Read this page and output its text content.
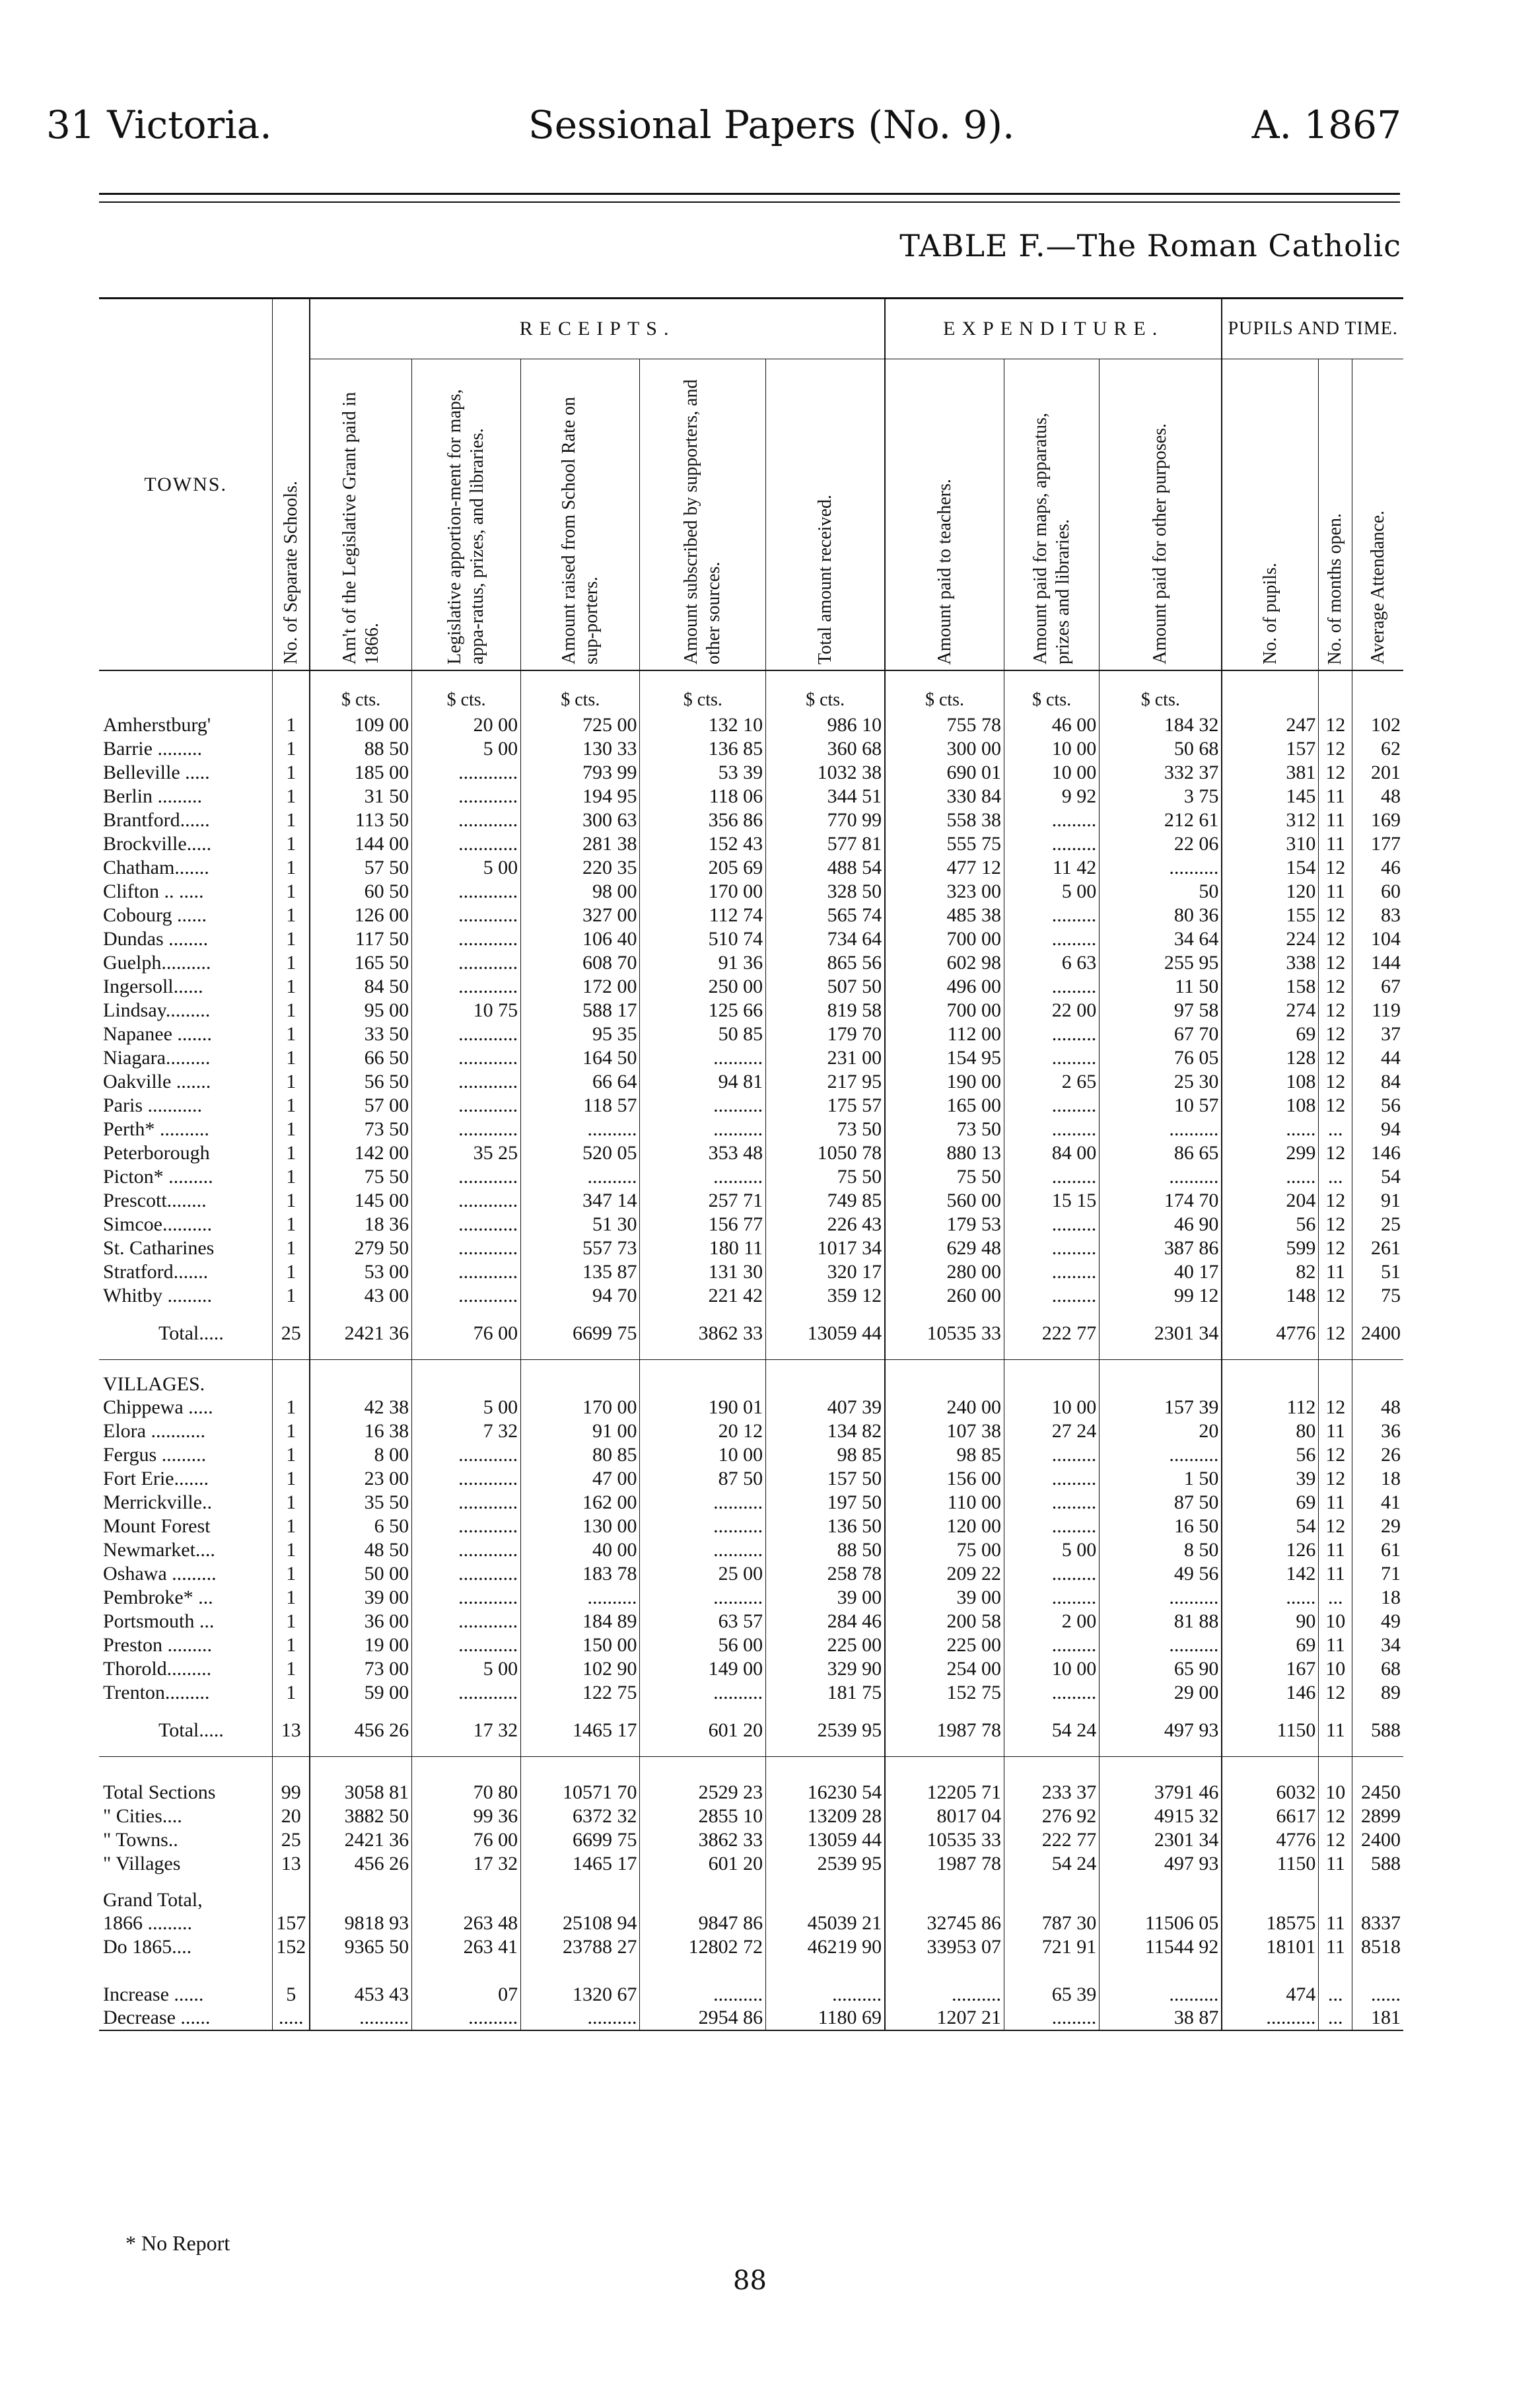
31 Victoria.	Sessional Papers (No. 9).	A. 1867
TABLE F.—The Roman Catholic
TOWNS.	No. of Separate Schools.	RECEIPTS.					EXPENDITURE.			PUPILS AND TIME.		
		Am't of the Legislative Grant paid in 1866.	Legislative apportion-ment for maps, appa-ratus, prizes, and libraries.	Amount raised from School Rate on sup-porters.	Amount subscribed by supporters, and other sources.	Total amount received.	Amount paid to teachers.	Amount paid for maps, apparatus, prizes and libraries.	Amount paid for other purposes.	No. of pupils.	No. of months open.	Average Attendance.
		$ cts.	$ cts.	$ cts.	$ cts.	$ cts.	$ cts.	$ cts.	$ cts.			
Amherstburg'	1	109 00	20 00	725 00	132 10	986 10	755 78	46 00	184 32	247	12	102
Barrie .........	1	88 50	5 00	130 33	136 85	360 68	300 00	10 00	50 68	157	12	62
Belleville .....	1	185 00	............	793 99	53 39	1032 38	690 01	10 00	332 37	381	12	201
Berlin .........	1	31 50	............	194 95	118 06	344 51	330 84	9 92	3 75	145	11	48
Brantford......	1	113 50	............	300 63	356 86	770 99	558 38	.........	212 61	312	11	169
Brockville.....	1	144 00	............	281 38	152 43	577 81	555 75	.........	22 06	310	11	177
Chatham.......	1	57 50	5 00	220 35	205 69	488 54	477 12	11 42	..........	154	12	46
Clifton .. .....	1	60 50	............	98 00	170 00	328 50	323 00	5 00	50	120	11	60
Cobourg ......	1	126 00	............	327 00	112 74	565 74	485 38	.........	80 36	155	12	83
Dundas ........	1	117 50	............	106 40	510 74	734 64	700 00	.........	34 64	224	12	104
Guelph..........	1	165 50	............	608 70	91 36	865 56	602 98	6 63	255 95	338	12	144
Ingersoll......	1	84 50	............	172 00	250 00	507 50	496 00	.........	11 50	158	12	67
Lindsay.........	1	95 00	10 75	588 17	125 66	819 58	700 00	22 00	97 58	274	12	119
Napanee .......	1	33 50	............	95 35	50 85	179 70	112 00	.........	67 70	69	12	37
Niagara.........	1	66 50	............	164 50	..........	231 00	154 95	.........	76 05	128	12	44
Oakville .......	1	56 50	............	66 64	94 81	217 95	190 00	2 65	25 30	108	12	84
Paris ...........	1	57 00	............	118 57	..........	175 57	165 00	.........	10 57	108	12	56
Perth* ..........	1	73 50	............	..........	..........	73 50	73 50	.........	..........	......	...	94
Peterborough	1	142 00	35 25	520 05	353 48	1050 78	880 13	84 00	86 65	299	12	146
Picton* .........	1	75 50	............	..........	..........	75 50	75 50	.........	..........	......	...	54
Prescott........	1	145 00	............	347 14	257 71	749 85	560 00	15 15	174 70	204	12	91
Simcoe..........	1	18 36	............	51 30	156 77	226 43	179 53	.........	46 90	56	12	25
St. Catharines	1	279 50	............	557 73	180 11	1017 34	629 48	.........	387 86	599	12	261
Stratford.......	1	53 00	............	135 87	131 30	320 17	280 00	.........	40 17	82	11	51
Whitby .........	1	43 00	............	94 70	221 42	359 12	260 00	.........	99 12	148	12	75
Total.....	25	2421 36	76 00	6699 75	3862 33	13059 44	10535 33	222 77	2301 34	4776	12	2400
VILLAGES.												
Chippewa .....	1	42 38	5 00	170 00	190 01	407 39	240 00	10 00	157 39	112	12	48
Elora ...........	1	16 38	7 32	91 00	20 12	134 82	107 38	27 24	20	80	11	36
Fergus .........	1	8 00	............	80 85	10 00	98 85	98 85	.........	..........	56	12	26
Fort Erie.......	1	23 00	............	47 00	87 50	157 50	156 00	.........	1 50	39	12	18
Merrickville..	1	35 50	............	162 00	..........	197 50	110 00	.........	87 50	69	11	41
Mount Forest	1	6 50	............	130 00	..........	136 50	120 00	.........	16 50	54	12	29
Newmarket....	1	48 50	............	40 00	..........	88 50	75 00	5 00	8 50	126	11	61
Oshawa .........	1	50 00	............	183 78	25 00	258 78	209 22	.........	49 56	142	11	71
Pembroke* ...	1	39 00	............	..........	..........	39 00	39 00	.........	..........	......	...	18
Portsmouth ...	1	36 00	............	184 89	63 57	284 46	200 58	2 00	81 88	90	10	49
Preston .........	1	19 00	............	150 00	56 00	225 00	225 00	.........	..........	69	11	34
Thorold.........	1	73 00	5 00	102 90	149 00	329 90	254 00	10 00	65 90	167	10	68
Trenton.........	1	59 00	............	122 75	..........	181 75	152 75	.........	29 00	146	12	89
Total.....	13	456 26	17 32	1465 17	601 20	2539 95	1987 78	54 24	497 93	1150	11	588

Total Sections	99	3058 81	70 80	10571 70	2529 23	16230 54	12205 71	233 37	3791 46	6032	10	2450
" Cities....	20	3882 50	99 36	6372 32	2855 10	13209 28	8017 04	276 92	4915 32	6617	12	2899
" Towns..	25	2421 36	76 00	6699 75	3862 33	13059 44	10535 33	222 77	2301 34	4776	12	2400
" Villages	13	456 26	17 32	1465 17	601 20	2539 95	1987 78	54 24	497 93	1150	11	588
Grand Total,												
1866 .........	157	9818 93	263 48	25108 94	9847 86	45039 21	32745 86	787 30	11506 05	18575	11	8337
Do 1865....	152	9365 50	263 41	23788 27	12802 72	46219 90	33953 07	721 91	11544 92	18101	11	8518

Increase ......	5	453 43	07	1320 67	..........	..........	..........	65 39	..........	474	...	......
Decrease ......	.....	..........	..........	..........	2954 86	1180 69	1207 21	.........	38 87	..........	...	181
* No Report
88
